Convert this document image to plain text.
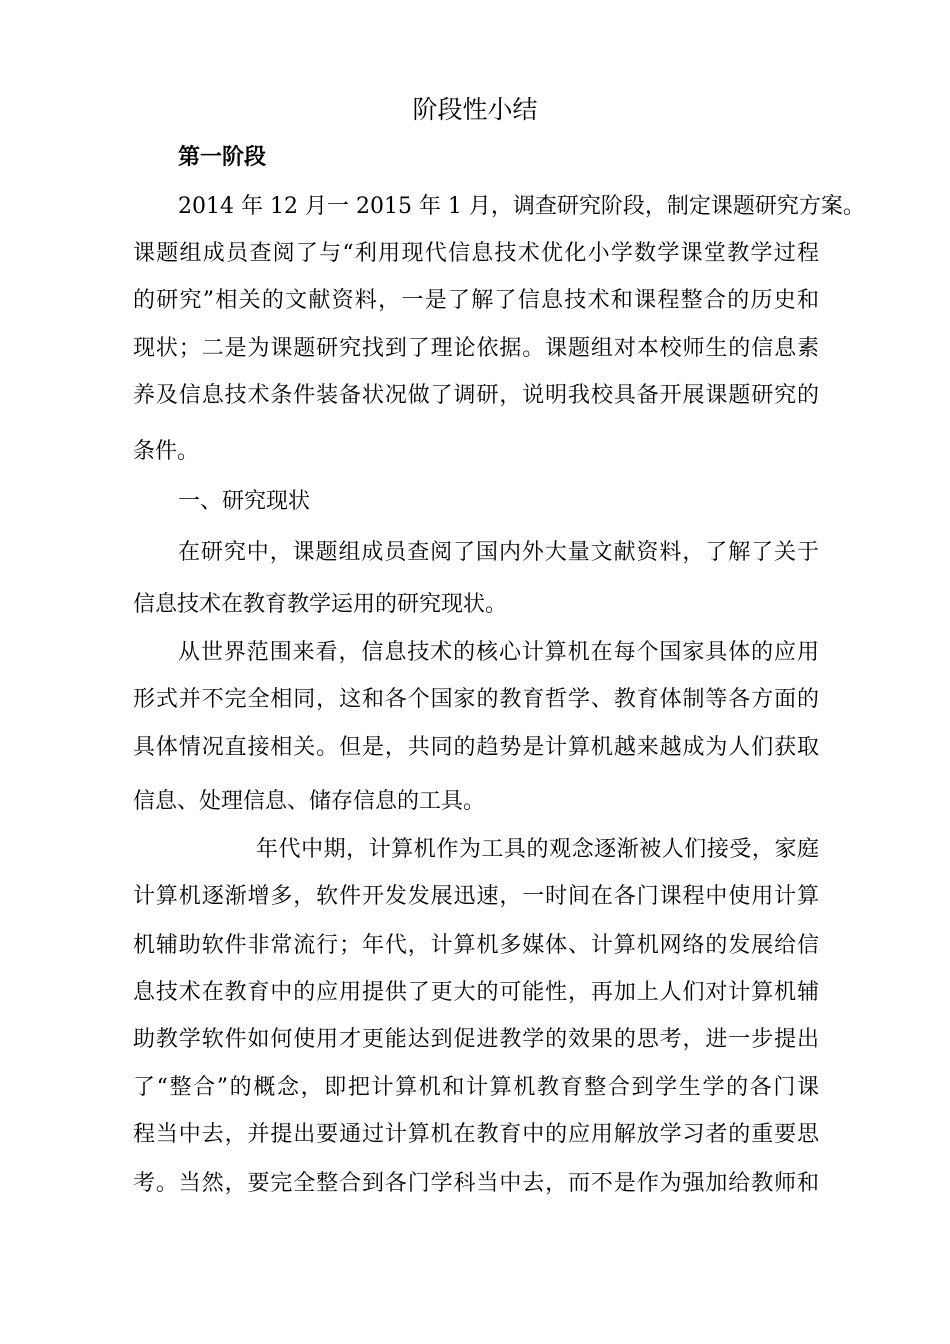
阶段性小结
第一阶段
2014 年 12 月一 2015 年 1 月，调查研究阶段，制定课题研究方案。
课题组成员查阅了与“利用现代信息技术优化小学数学课堂教学过程
的研究”相关的文献资料，一是了解了信息技术和课程整合的历史和
现状；二是为课题研究找到了理论依据。课题组对本校师生的信息素
养及信息技术条件装备状况做了调研，说明我校具备开展课题研究的
条件。
一、研究现状
在研究中，课题组成员查阅了国内外大量文献资料，了解了关于
信息技术在教育教学运用的研究现状。
从世界范围来看，信息技术的核心计算机在每个国家具体的应用
形式并不完全相同，这和各个国家的教育哲学、教育体制等各方面的
具体情况直接相关。但是，共同的趋势是计算机越来越成为人们获取
信息、处理信息、储存信息的工具。
年代中期，计算机作为工具的观念逐渐被人们接受，家庭
计算机逐渐增多，软件开发发展迅速，一时间在各门课程中使用计算
机辅助软件非常流行；年代，计算机多媒体、计算机网络的发展给信
息技术在教育中的应用提供了更大的可能性，再加上人们对计算机辅
助教学软件如何使用才更能达到促进教学的效果的思考，进一步提出
了“整合”的概念，即把计算机和计算机教育整合到学生学的各门课
程当中去，并提出要通过计算机在教育中的应用解放学习者的重要思
考。当然，要完全整合到各门学科当中去，而不是作为强加给教师和
